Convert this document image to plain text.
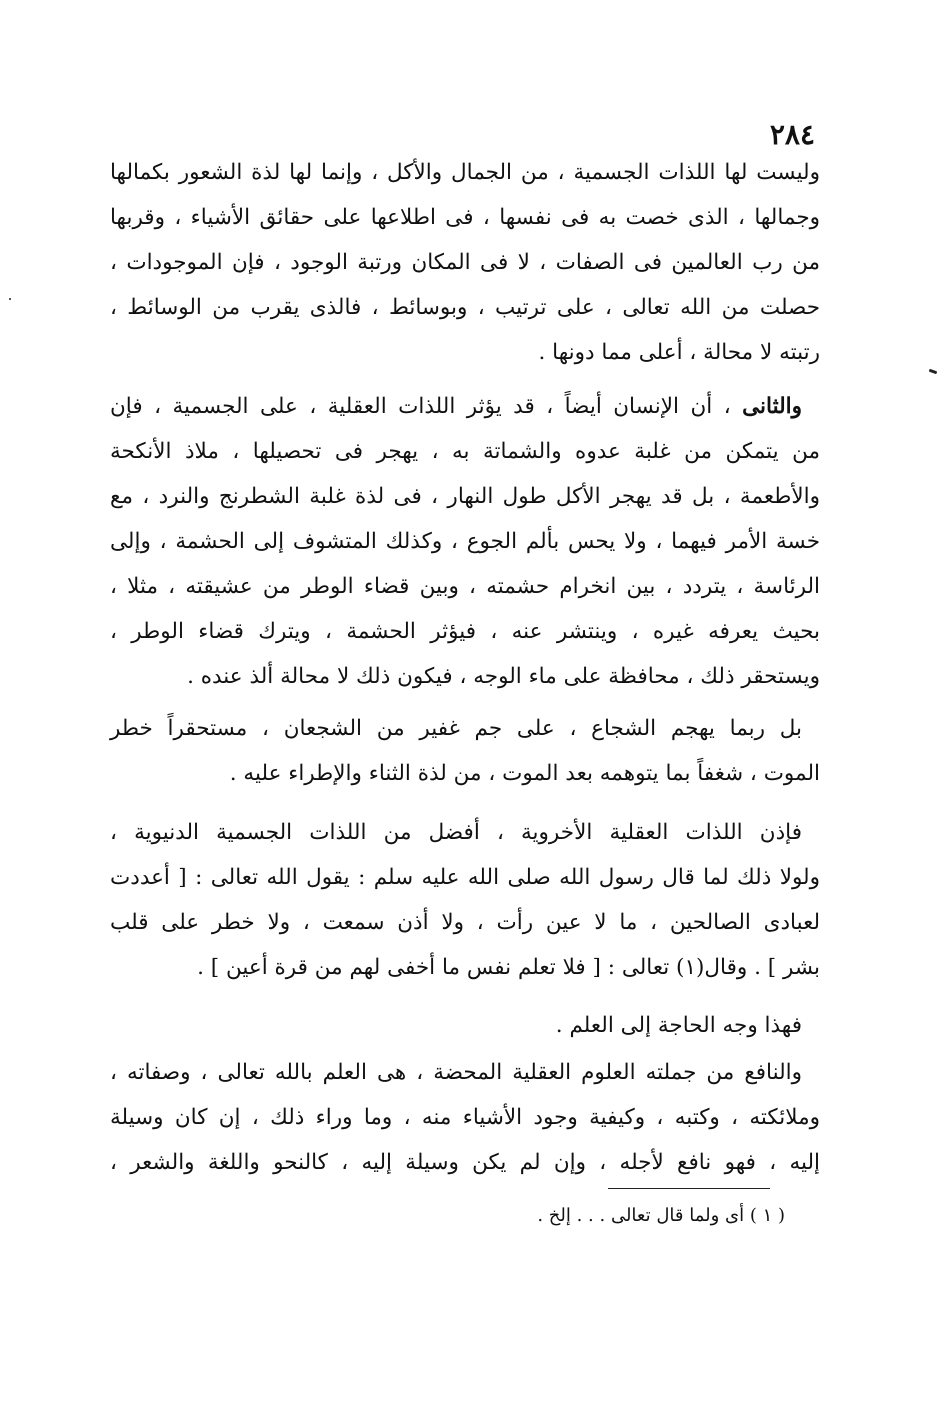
٢٨٤
وليست لها اللذات الجسمية ، من الجمال والأكل ، وإنما لها لذة الشعور بكمالها
وجمالها ، الذى خصت به فى نفسها ، فى اطلاعها على حقائق الأشياء ، وقربها
من رب العالمين فى الصفات ، لا فى المكان ورتبة الوجود ، فإن الموجودات ،
حصلت من الله تعالى ، على ترتيب ، وبوسائط ، فالذى يقرب من الوسائط ،
رتبته لا محالة ، أعلى مما دونها .
والثانى ، أن الإنسان أيضاً ، قد يؤثر اللذات العقلية ، على الجسمية ، فإن
من يتمكن من غلبة عدوه والشماتة به ، يهجر فى تحصيلها ، ملاذ الأنكحة
والأطعمة ، بل قد يهجر الأكل طول النهار ، فى لذة غلبة الشطرنج والنرد ، مع
خسة الأمر فيهما ، ولا يحس بألم الجوع ، وكذلك المتشوف إلى الحشمة ، وإلى
الرئاسة ، يتردد ، بين انخرام حشمته ، وبين قضاء الوطر من عشيقته ، مثلا ،
بحيث يعرفه غيره ، وينتشر عنه ، فيؤثر الحشمة ، ويترك قضاء الوطر ،
ويستحقر ذلك ، محافظة على ماء الوجه ، فيكون ذلك لا محالة ألذ عنده .
بل ربما يهجم الشجاع ، على جم غفير من الشجعان ، مستحقراً خطر
الموت ، شغفاً بما يتوهمه بعد الموت ، من لذة الثناء والإطراء عليه .
فإذن اللذات العقلية الأخروية ، أفضل من اللذات الجسمية الدنيوية ،
ولولا ذلك لما قال رسول الله صلى الله عليه سلم : يقول الله تعالى : [ أعددت
لعبادى الصالحين ، ما لا عين رأت ، ولا أذن سمعت ، ولا خطر على قلب
بشر ] . وقال(١) تعالى : [ فلا تعلم نفس ما أخفى لهم من قرة أعين ] .
فهذا وجه الحاجة إلى العلم .
والنافع من جملته العلوم العقلية المحضة ، هى العلم بالله تعالى ، وصفاته ،
وملائكته ، وكتبه ، وكيفية وجود الأشياء منه ، وما وراء ذلك ، إن كان وسيلة
إليه ، فهو نافع لأجله ، وإن لم يكن وسيلة إليه ، كالنحو واللغة والشعر ،
( ١ ) أى ولما قال تعالى . . . إلخ .
